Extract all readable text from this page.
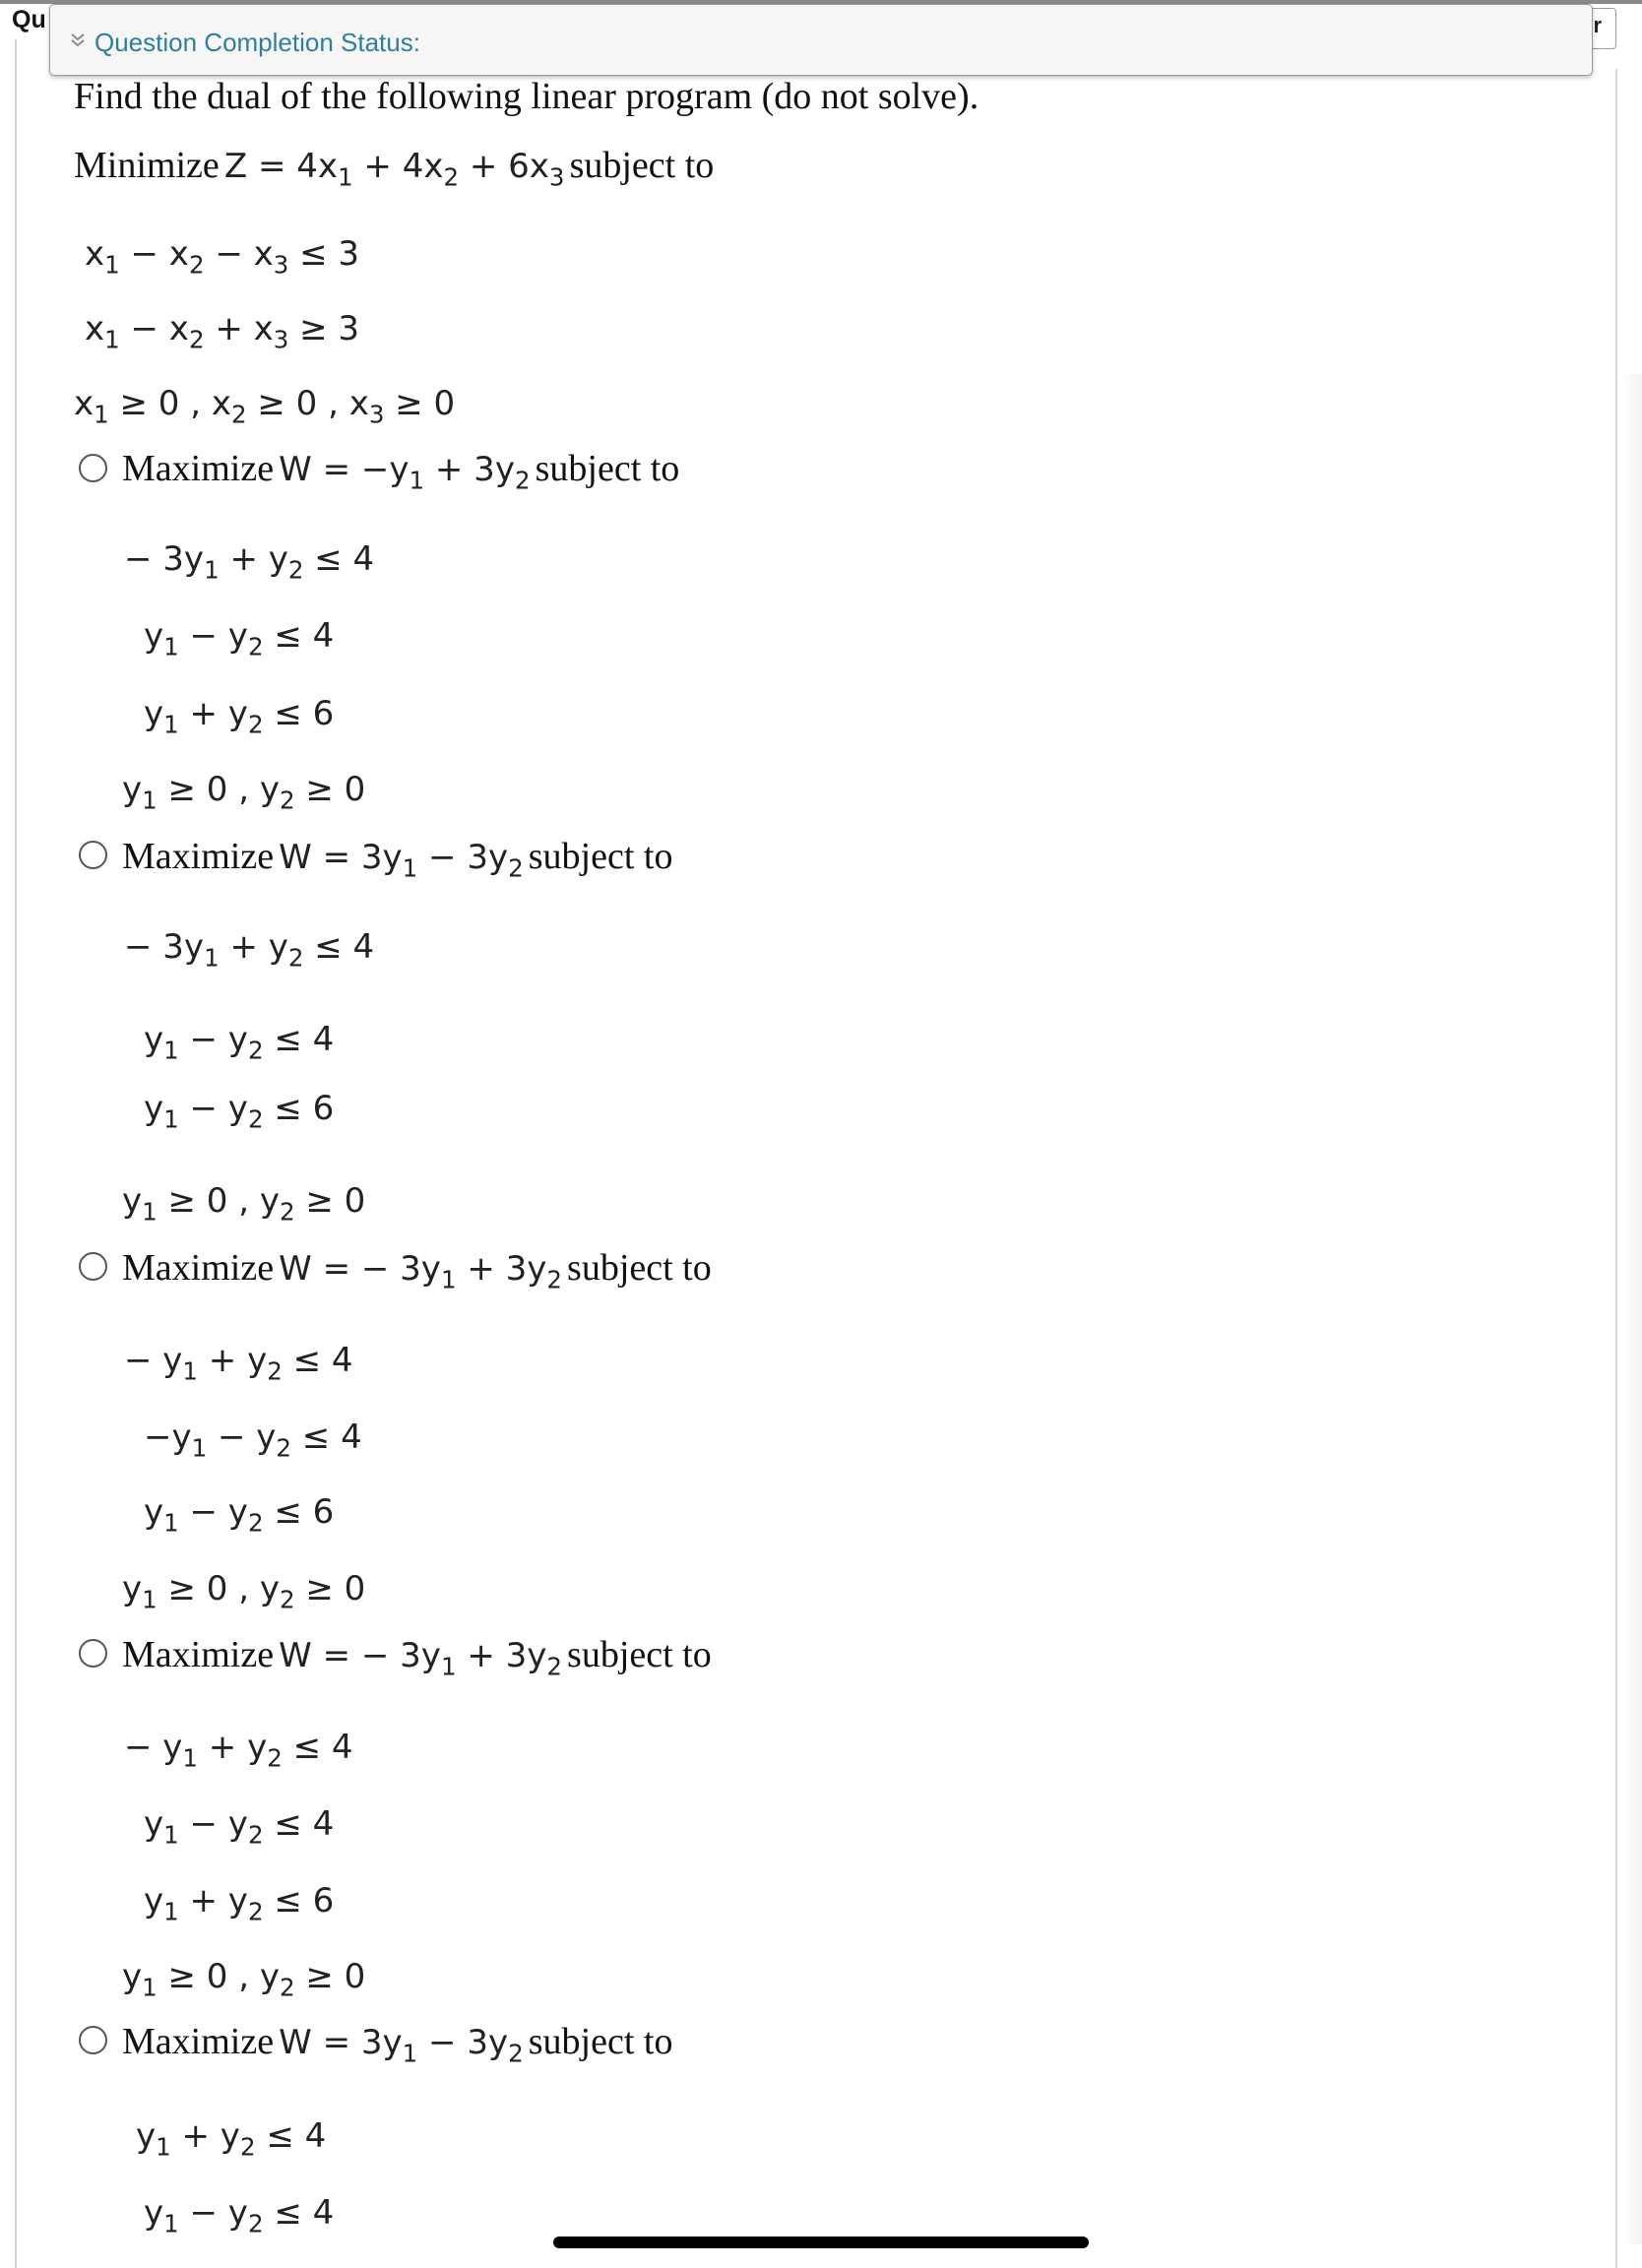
Qu	r
Question Completion Status:
Find the dual of the following linear program (do not solve).
Minimize $Z = 4x_1 + 4x_2 + 6x_3$ subject to
$x_1 - x_2 - x_3 \le 3$
$x_1 - x_2 + x_3 \ge 3$
$x_1 \ge 0$ , $x_2 \ge 0$ , $x_3 \ge 0$
Maximize $W = -y_1 + 3y_2$ subject to
− $3y_1 + y_2 \le 4$
$y_1 - y_2 \le 4$
$y_1 + y_2 \le 6$
$y_1 \ge 0$ , $y_2 \ge 0$
Maximize $W = 3y_1 - 3y_2$ subject to
− $3y_1 + y_2 \le 4$
$y_1 - y_2 \le 4$
$y_1 - y_2 \le 6$
$y_1 \ge 0$ , $y_2 \ge 0$
Maximize W = − $3y_1 + 3y_2$ subject to
− $y_1 + y_2 \le 4$
$-y_1 - y_2 \le 4$
$y_1 - y_2 \le 6$
$y_1 \ge 0$ , $y_2 \ge 0$
Maximize W = − $3y_1 + 3y_2$ subject to
− $y_1 + y_2 \le 4$
$y_1 - y_2 \le 4$
$y_1 + y_2 \le 6$
$y_1 \ge 0$ , $y_2 \ge 0$
Maximize $W = 3y_1 - 3y_2$ subject to
$y_1 + y_2 \le 4$
$y_1 - y_2 \le 4$
